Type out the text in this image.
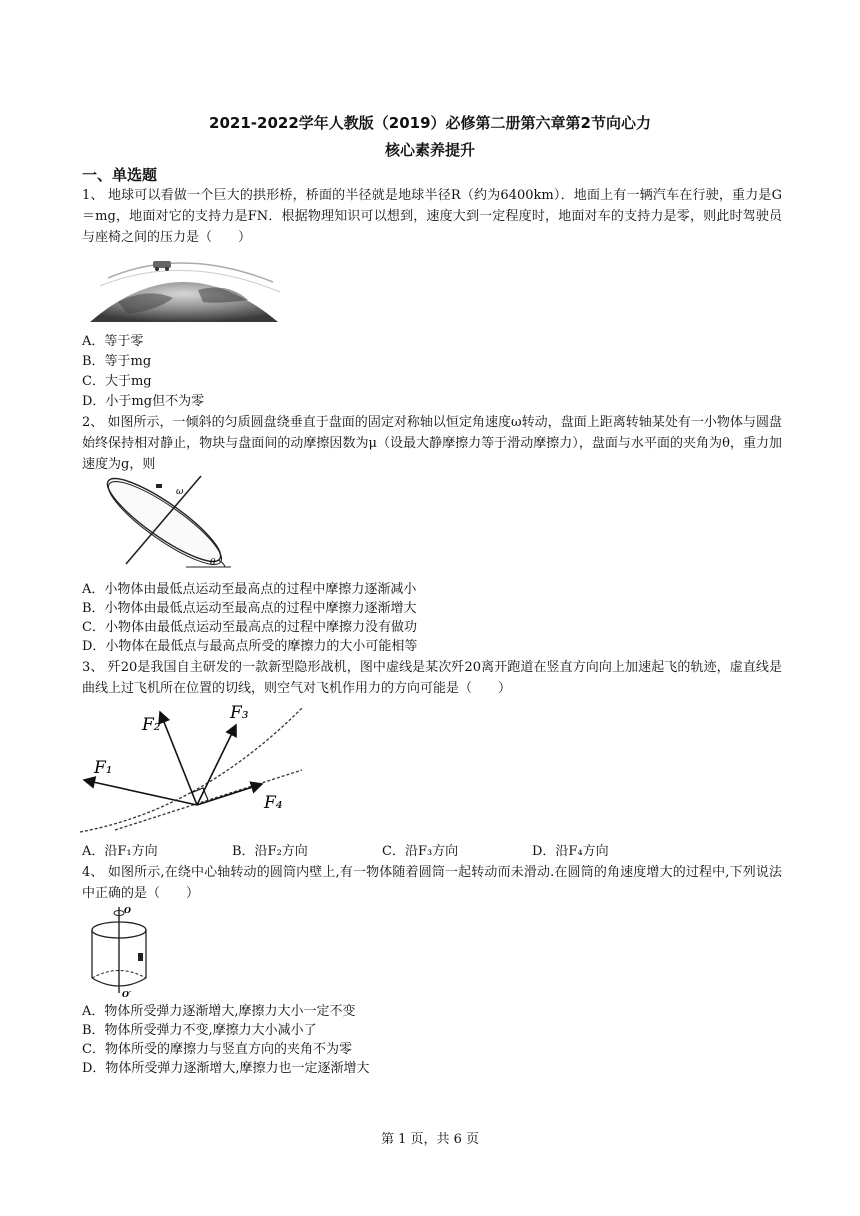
2021-2022学年人教版（2019）必修第二册第六章第2节向心力
核心素养提升
一、单选题
1、 地球可以看做一个巨大的拱形桥，桥面的半径就是地球半径R（约为6400km）．地面上有一辆汽车在行驶，重力是G＝mg，地面对它的支持力是FN．根据物理知识可以想到，速度大到一定程度时，地面对车的支持力是零，则此时驾驶员与座椅之间的压力是（　　）
A．等于零
B．等于mg
C．大于mg
D．小于mg但不为零
2、 如图所示，一倾斜的匀质圆盘绕垂直于盘面的固定对称轴以恒定角速度ω转动，盘面上距离转轴某处有一小物体与圆盘始终保持相对静止，物块与盘面间的动摩擦因数为μ（设最大静摩擦力等于滑动摩擦力），盘面与水平面的夹角为θ，重力加速度为g，则
ω
θ
A．小物体由最低点运动至最高点的过程中摩擦力逐渐减小
B．小物体由最低点运动至最高点的过程中摩擦力逐渐增大
C．小物体由最低点运动至最高点的过程中摩擦力没有做功
D．小物体在最低点与最高点所受的摩擦力的大小可能相等
3、 歼20是我国自主研发的一款新型隐形战机，图中虚线是某次歼20离开跑道在竖直方向向上加速起飞的轨迹，虚直线是曲线上过飞机所在位置的切线，则空气对飞机作用力的方向可能是（　　）
F₁
F₂
F₃
F₄
A．沿F₁方向	B．沿F₂方向	C．沿F₃方向	D．沿F₄方向
4、 如图所示,在绕中心轴转动的圆筒内壁上,有一物体随着圆筒一起转动而未滑动.在圆筒的角速度增大的过程中,下列说法中正确的是（　　）
O
O′
A．物体所受弹力逐渐增大,摩擦力大小一定不变
B．物体所受弹力不变,摩擦力大小减小了
C．物体所受的摩擦力与竖直方向的夹角不为零
D．物体所受弹力逐渐增大,摩擦力也一定逐渐增大
第 1 页，共 6 页
